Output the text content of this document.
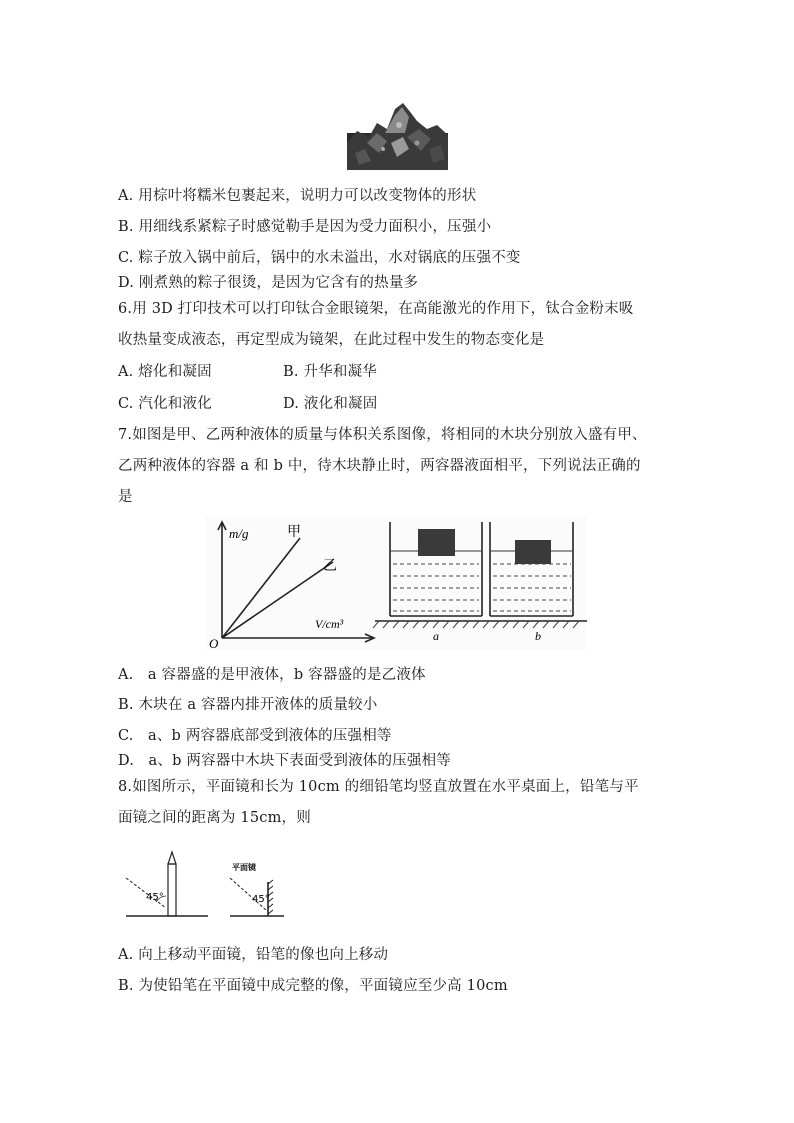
A. 用棕叶将糯米包裹起来，说明力可以改变物体的形状
B. 用细线系紧粽子时感觉勒手是因为受力面积小，压强小
C. 粽子放入锅中前后，锅中的水未溢出，水对锅底的压强不变
D. 刚煮熟的粽子很烫，是因为它含有的热量多
6.用 3D 打印技术可以打印钛合金眼镜架，在高能激光的作用下，钛合金粉末吸
收热量变成液态，再定型成为镜架，在此过程中发生的物态变化是
A. 熔化和凝固	B. 升华和凝华
C. 汽化和液化	D. 液化和凝固
7.如图是甲、乙两种液体的质量与体积关系图像，将相同的木块分别放入盛有甲、
乙两种液体的容器 a 和 b 中，待木块静止时，两容器液面相平，下列说法正确的
是
m/g	甲
乙
V/cm³
O	a	b
A.   a 容器盛的是甲液体，b 容器盛的是乙液体
B. 木块在 a 容器内排开液体的质量较小
C.   a、b 两容器底部受到液体的压强相等
D.   a、b 两容器中木块下表面受到液体的压强相等
8.如图所示，平面镜和长为 10cm 的细铅笔均竖直放置在水平桌面上，铅笔与平
面镜之间的距离为 15cm，则
45°
平面镜
45°
A. 向上移动平面镜，铅笔的像也向上移动
B. 为使铅笔在平面镜中成完整的像，平面镜应至少高 10cm
